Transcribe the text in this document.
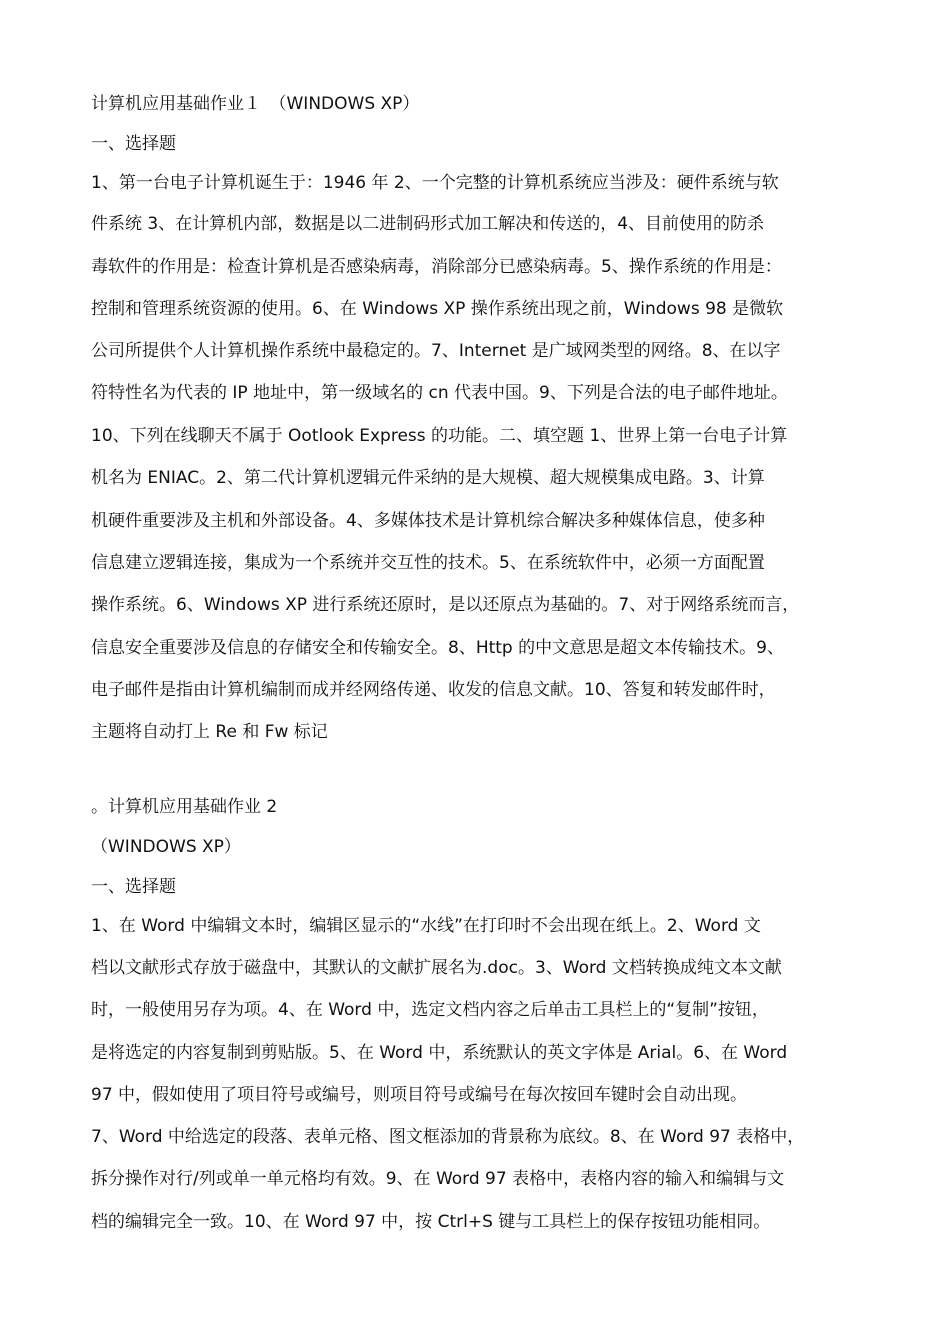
计算机应用基础作业１　（WINDOWS XP）
一、选择题
1、第一台电子计算机诞生于：1946 年 2、一个完整的计算机系统应当涉及：硬件系统与软
件系统 3、在计算机内部，数据是以二进制码形式加工解决和传送的，4、目前使用的防杀
毒软件的作用是：检查计算机是否感染病毒，消除部分已感染病毒。5、操作系统的作用是：
控制和管理系统资源的使用。6、在 Windows XP 操作系统出现之前，Windows 98 是微软
公司所提供个人计算机操作系统中最稳定的。7、Internet 是广域网类型的网络。8、在以字
符特性名为代表的 IP 地址中，第一级域名的 cn 代表中国。9、下列是合法的电子邮件地址。
10、下列在线聊天不属于 Ootlook Express 的功能。二、填空题 1、世界上第一台电子计算
机名为 ENIAC。2、第二代计算机逻辑元件采纳的是大规模、超大规模集成电路。3、计算
机硬件重要涉及主机和外部设备。4、多媒体技术是计算机综合解决多种媒体信息，使多种
信息建立逻辑连接，集成为一个系统并交互性的技术。5、在系统软件中，必须一方面配置
操作系统。6、Windows XP 进行系统还原时，是以还原点为基础的。7、对于网络系统而言，
信息安全重要涉及信息的存储安全和传输安全。8、Http 的中文意思是超文本传输技术。9、
电子邮件是指由计算机编制而成并经网络传递、收发的信息文献。10、答复和转发邮件时，
主题将自动打上 Re 和 Fw 标记
。计算机应用基础作业 2
（WINDOWS XP）
一、选择题
1、在 Word 中编辑文本时，编辑区显示的“水线”在打印时不会出现在纸上。2、Word 文
档以文献形式存放于磁盘中，其默认的文献扩展名为.doc。3、Word 文档转换成纯文本文献
时，一般使用另存为项。4、在 Word 中，选定文档内容之后单击工具栏上的“复制”按钮，
是将选定的内容复制到剪贴版。5、在 Word 中，系统默认的英文字体是 Arial。6、在 Word
97 中，假如使用了项目符号或编号，则项目符号或编号在每次按回车键时会自动出现。
7、Word 中给选定的段落、表单元格、图文框添加的背景称为底纹。8、在 Word 97 表格中，
拆分操作对行/列或单一单元格均有效。9、在 Word 97 表格中，表格内容的输入和编辑与文
档的编辑完全一致。10、在 Word 97 中，按 Ctrl+S 键与工具栏上的保存按钮功能相同。
